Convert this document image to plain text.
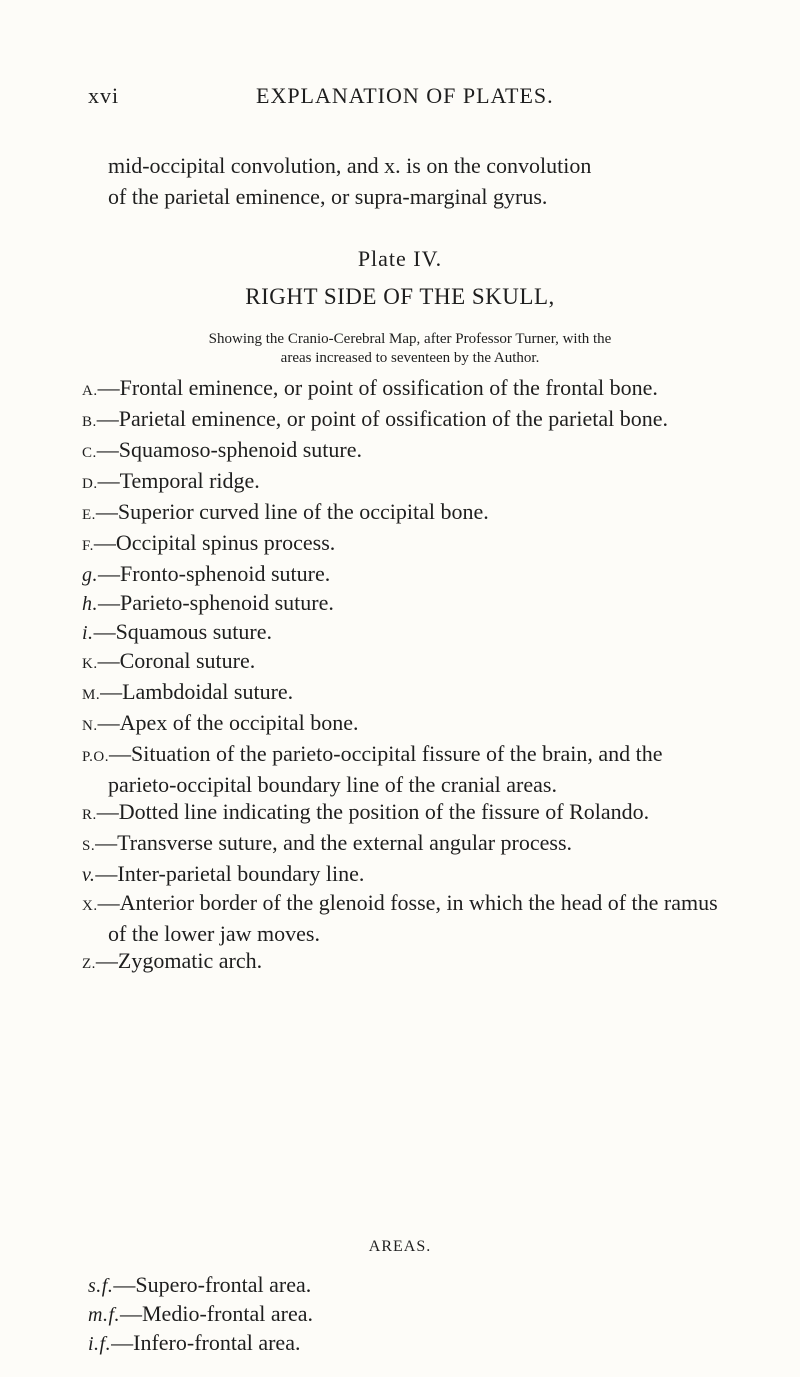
xvi	EXPLANATION OF PLATES.

mid-occipital convolution, and x. is on the convolution

of the parietal eminence, or supra-marginal gyrus.

Plate IV.
RIGHT SIDE OF THE SKULL,
Showing the Cranio-Cerebral Map, after Professor Turner, with the
areas increased to seventeen by the Author.
A.—Frontal eminence, or point of ossification of the frontal bone.
B.—Parietal eminence, or point of ossification of the parietal bone.
C.—Squamoso-sphenoid suture.
D.—Temporal ridge.
E.—Superior curved line of the occipital bone.
F.—Occipital spinus process.
g.—Fronto-sphenoid suture.
h.—Parieto-sphenoid suture.
i.—Squamous suture.
K.—Coronal suture.
M.—Lambdoidal suture.
N.—Apex of the occipital bone.
P.O.—Situation of the parieto-occipital fissure of the brain, and the parieto-occipital boundary line of the cranial areas.
R.—Dotted line indicating the position of the fissure of Rolando.
S.—Transverse suture, and the external angular process.
v.—Inter-parietal boundary line.
X.—Anterior border of the glenoid fosse, in which the head of the ramus of the lower jaw moves.
Z.—Zygomatic arch.
AREAS.
s.f.—Supero-frontal area.
m.f.—Medio-frontal area.
i.f.—Infero-frontal area.
